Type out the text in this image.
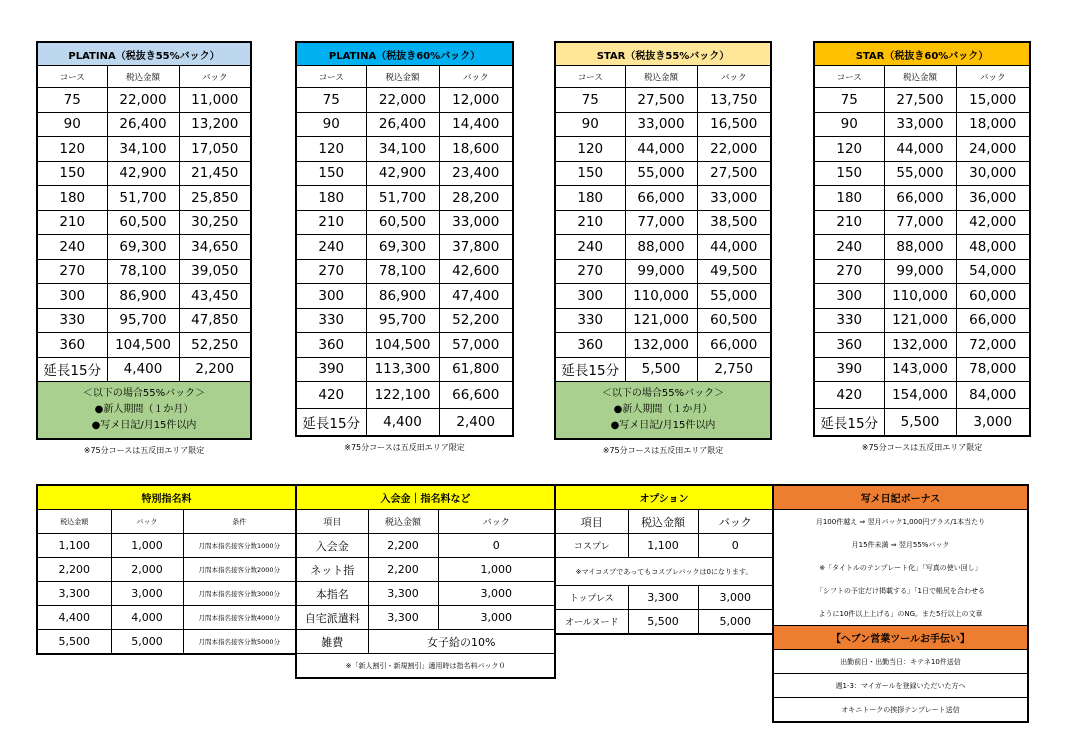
PLATINA（税抜き55%バック）		
コース	税込金額	バック
75	22,000	11,000
90	26,400	13,200
120	34,100	17,050
150	42,900	21,450
180	51,700	25,850
210	60,500	30,250
240	69,300	34,650
270	78,100	39,050
300	86,900	43,450
330	95,700	47,850
360	104,500	52,250
延長15分	4,400	2,200

＜以下の場合55%バック＞
●新人期間（１か月）
●写メ日記/月15件以内		
※75分コースは五反田エリア限定
PLATINA（税抜き60%バック）		
コース	税込金額	バック
75	22,000	12,000
90	26,400	14,400
120	34,100	18,600
150	42,900	23,400
180	51,700	28,200
210	60,500	33,000
240	69,300	37,800
270	78,100	42,600
300	86,900	47,400
330	95,700	52,200
360	104,500	57,000
390	113,300	61,800
420	122,100	66,600
延長15分	4,400	2,400
※75分コースは五反田エリア限定
STAR（税抜き55%バック）		
コース	税込金額	バック
75	27,500	13,750
90	33,000	16,500
120	44,000	22,000
150	55,000	27,500
180	66,000	33,000
210	77,000	38,500
240	88,000	44,000
270	99,000	49,500
300	110,000	55,000
330	121,000	60,500
360	132,000	66,000
延長15分	5,500	2,750

＜以下の場合55%バック＞
●新人期間（１か月）
●写メ日記/月15件以内		
※75分コースは五反田エリア限定
STAR（税抜き60%バック）		
コース	税込金額	バック
75	27,500	15,000
90	33,000	18,000
120	44,000	24,000
150	55,000	30,000
180	66,000	36,000
210	77,000	42,000
240	88,000	48,000
270	99,000	54,000
300	110,000	60,000
330	121,000	66,000
360	132,000	72,000
390	143,000	78,000
420	154,000	84,000
延長15分	5,500	3,000
※75分コースは五反田エリア限定
特別指名料		
税込金額	バック	条件
1,100	1,000	月間本指名接客分数1000分
2,200	2,000	月間本指名接客分数2000分
3,300	3,000	月間本指名接客分数3000分
4,400	4,000	月間本指名接客分数4000分
5,500	5,000	月間本指名接客分数5000分
入会金｜指名料など		
項目	税込金額	バック
入会金	2,200	0
ネット指	2,200	1,000
本指名	3,300	3,000
自宅派遣料	3,300	3,000
雑費	女子給の10%	
※「新人割引・新規割引」適用時は指名料バック０		
オプション		
項目	税込金額	バック
コスプレ	1,100	0
※マイコスプであってもコスプレバックは0になります。		
トップレス	3,300	3,000
オールヌード	5,500	5,000
写メ日記ボーナス
月100件越え ⇒ 翌月バック1,000円プラス/1本当たり
月15件未満 ⇒ 翌月55%バック
※「タイトルのテンプレート化」「写真の使い回し」
「シフトの予定だけ掲載する」「1日で帳尻を合わせる
ように10件以上上げる」のNG。また5行以上の文章
【ヘブン営業ツールお手伝い】
出勤前日・出勤当日：キテネ10件送信
週1-3：マイガールを登録いただいた方へ
オキニトークの挨拶テンプレート送信
